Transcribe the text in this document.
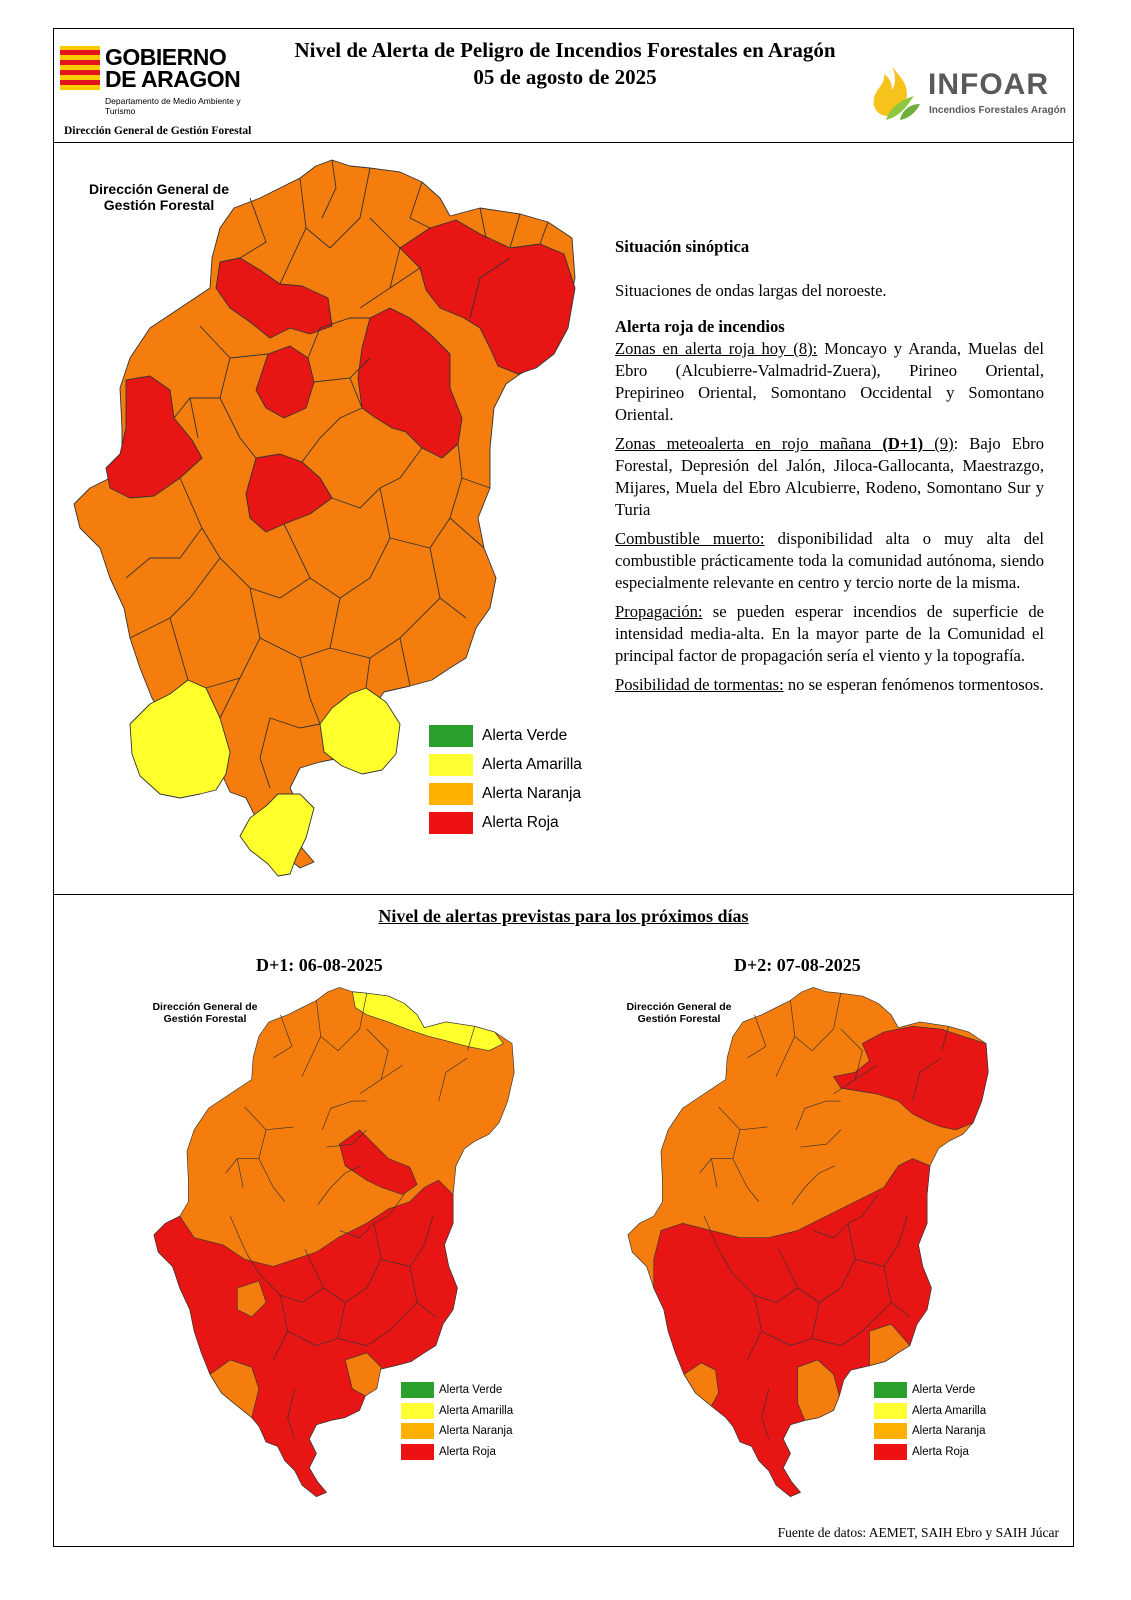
GOBIERNO
DE ARAGON
Departamento de Medio Ambiente y Turismo
Dirección General de Gestión Forestal
Nivel de Alerta de Peligro de Incendios Forestales en Aragón
05 de agosto de 2025	INFOAR
Incendios Forestales Aragón
Dirección General de Gestión Forestal
Alerta Verde
Alerta Amarilla
Alerta Naranja
Alerta Roja

Situación sinóptica

Situaciones de ondas largas del noroeste.

Alerta roja de incendios

Zonas en alerta roja hoy (8): Moncayo y Aranda, Muelas del Ebro (Alcubierre-Valmadrid-Zuera), Pirineo Oriental, Prepirineo Oriental, Somontano Occidental y Somontano Oriental.

Zonas meteoalerta en rojo mañana (D+1) (9): Bajo Ebro Forestal, Depresión del Jalón, Jiloca-Gallocanta, Maestrazgo, Mijares, Muela del Ebro Alcubierre, Rodeno, Somontano Sur y Turia

Combustible muerto: disponibilidad alta o muy alta del combustible prácticamente toda la comunidad autónoma, siendo especialmente relevante en centro y tercio norte de la misma.

Propagación: se pueden esperar incendios de superficie de intensidad media-alta. En la mayor parte de la Comunidad el principal factor de propagación sería el viento y la topografía.

Posibilidad de tormentas: no se esperan fenómenos tormentosos.

Nivel de alertas previstas para los próximos días
D+1: 06-08-2025	D+2: 07-08-2025
Dirección General de Gestión Forestal
Alerta Verde
Alerta Amarilla
Alerta Naranja
Alerta Roja
Dirección General de Gestión Forestal
Alerta Verde
Alerta Amarilla
Alerta Naranja
Alerta Roja
Fuente de datos: AEMET, SAIH Ebro y SAIH Júcar
